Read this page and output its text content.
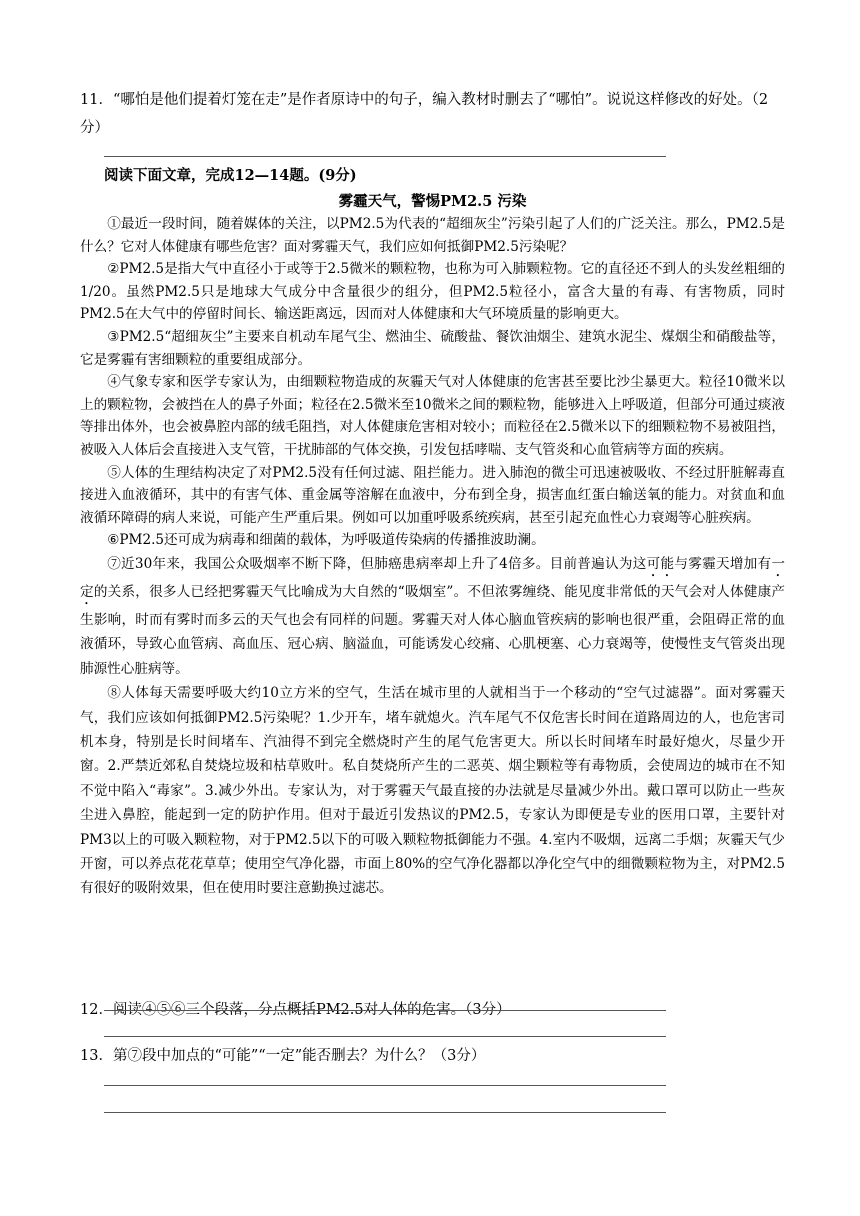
11．“哪怕是他们提着灯笼在走”是作者原诗中的句子，编入教材时删去了“哪怕”。说说这样修改的好处。（2分）
阅读下面文章，完成12—14题。(9分)
雾霾天气，警惕PM2.5 污染

①最近一段时间，随着媒体的关注，以PM2.5为代表的“超细灰尘”污染引起了人们的广泛关注。那么，PM2.5是什么？它对人体健康有哪些危害？面对雾霾天气，我们应如何抵御PM2.5污染呢？

②PM2.5是指大气中直径小于或等于2.5微米的颗粒物，也称为可入肺颗粒物。它的直径还不到人的头发丝粗细的1/20。虽然PM2.5只是地球大气成分中含量很少的组分，但PM2.5粒径小，富含大量的有毒、有害物质，同时PM2.5在大气中的停留时间长、输送距离远，因而对人体健康和大气环境质量的影响更大。

③PM2.5“超细灰尘”主要来自机动车尾气尘、燃油尘、硫酸盐、餐饮油烟尘、建筑水泥尘、煤烟尘和硝酸盐等，它是雾霾有害细颗粒的重要组成部分。

④气象专家和医学专家认为，由细颗粒物造成的灰霾天气对人体健康的危害甚至要比沙尘暴更大。粒径10微米以上的颗粒物，会被挡在人的鼻子外面；粒径在2.5微米至10微米之间的颗粒物，能够进入上呼吸道，但部分可通过痰液等排出体外，也会被鼻腔内部的绒毛阻挡，对人体健康危害相对较小；而粒径在2.5微米以下的细颗粒物不易被阻挡，被吸入人体后会直接进入支气管，干扰肺部的气体交换，引发包括哮喘、支气管炎和心血管病等方面的疾病。

⑤人体的生理结构决定了对PM2.5没有任何过滤、阻拦能力。进入肺泡的微尘可迅速被吸收、不经过肝脏解毒直接进入血液循环，其中的有害气体、重金属等溶解在血液中，分布到全身，损害血红蛋白输送氧的能力。对贫血和血液循环障碍的病人来说，可能产生严重后果。例如可以加重呼吸系统疾病，甚至引起充血性心力衰竭等心脏疾病。

⑥PM2.5还可成为病毒和细菌的载体，为呼吸道传染病的传播推波助澜。

⑦近30年来，我国公众吸烟率不断下降，但肺癌患病率却上升了4倍多。目前普遍认为这可能与雾霾天增加有一定的关系，很多人已经把雾霾天气比喻成为大自然的“吸烟室”。不但浓雾缠绕、能见度非常低的天气会对人体健康产生影响，时而有雾时而多云的天气也会有同样的问题。雾霾天对人体心脑血管疾病的影响也很严重，会阻碍正常的血液循环，导致心血管病、高血压、冠心病、脑溢血，可能诱发心绞痛、心肌梗塞、心力衰竭等，使慢性支气管炎出现肺源性心脏病等。

⑧人体每天需要呼吸大约10立方米的空气，生活在城市里的人就相当于一个移动的“空气过滤器”。面对雾霾天气，我们应该如何抵御PM2.5污染呢？1.少开车，堵车就熄火。汽车尾气不仅危害长时间在道路周边的人，也危害司机本身，特别是长时间堵车、汽油得不到完全燃烧时产生的尾气危害更大。所以长时间堵车时最好熄火，尽量少开窗。2.严禁近郊私自焚烧垃圾和枯草败叶。私自焚烧所产生的二恶英、烟尘颗粒等有毒物质，会使周边的城市在不知不觉中陷入“毒家”。3.减少外出。专家认为，对于雾霾天气最直接的办法就是尽量减少外出。戴口罩可以防止一些灰尘进入鼻腔，能起到一定的防护作用。但对于最近引发热议的PM2.5，专家认为即便是专业的医用口罩，主要针对PM3以上的可吸入颗粒物，对于PM2.5以下的可吸入颗粒物抵御能力不强。4.室内不吸烟，远离二手烟；灰霾天气少开窗，可以养点花花草草；使用空气净化器，市面上80%的空气净化器都以净化空气中的细微颗粒物为主，对PM2.5有很好的吸附效果，但在使用时要注意勤换过滤芯。

12．阅读④⑤⑥三个段落，分点概括PM2.5对人体的危害。（3分）
13．第⑦段中加点的“可能”“一定”能否删去？为什么？（3分）
